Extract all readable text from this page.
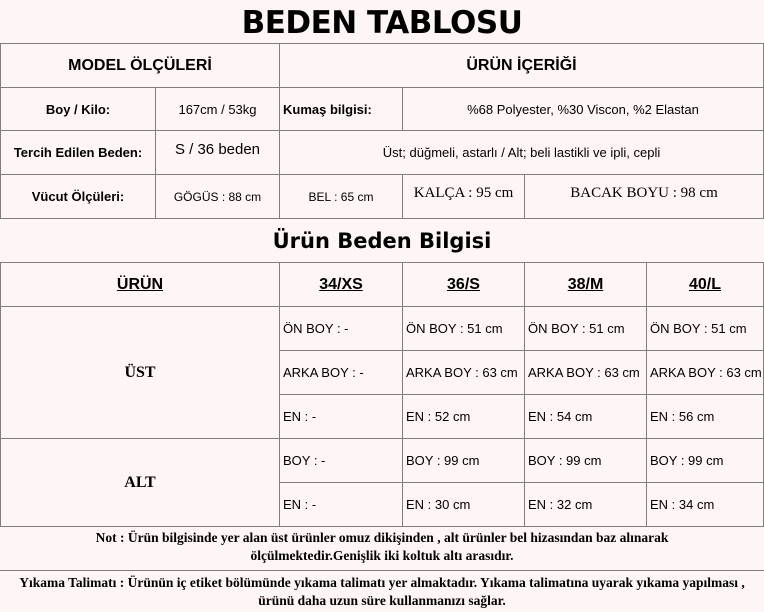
BEDEN TABLOSU
MODEL ÖLÇÜLERİ	ÜRÜN İÇERİĞİ
Boy / Kilo:	167cm / 53kg	Kumaş bilgisi:	%68 Polyester, %30 Viscon, %2 Elastan
Tercih Edilen Beden:	S / 36 beden	Üst; düğmeli, astarlı / Alt; beli lastikli ve ipli, cepli
Vücut Ölçüleri:	GÖGÜS : 88 cm	BEL : 65 cm	KALÇA : 95 cm	BACAK BOYU : 98 cm
Ürün Beden Bilgisi
ÜRÜN	34/XS	36/S	38/M	40/L
ÜST
ÖN BOY : -	ÖN BOY : 51 cm	ÖN BOY : 51 cm	ÖN BOY : 51 cm
ARKA BOY : -	ARKA BOY : 63 cm ARKA BOY : 63 cm ARKA BOY : 63 cm
EN : -	EN : 52 cm	EN : 54 cm	EN : 56 cm
ALT
BOY : -	BOY : 99 cm	BOY : 99 cm	BOY : 99 cm
EN : -	EN : 30 cm	EN : 32 cm	EN : 34 cm
Not : Ürün bilgisinde yer alan üst ürünler omuz dikişinden , alt ürünler bel hizasından baz alınarak ölçülmektedir.Genişlik iki koltuk altı arasıdır.
Yıkama Talimatı : Ürünün iç etiket bölümünde yıkama talimatı yer almaktadır. Yıkama talimatına uyarak yıkama yapılması , ürünü daha uzun süre kullanmanızı sağlar.
